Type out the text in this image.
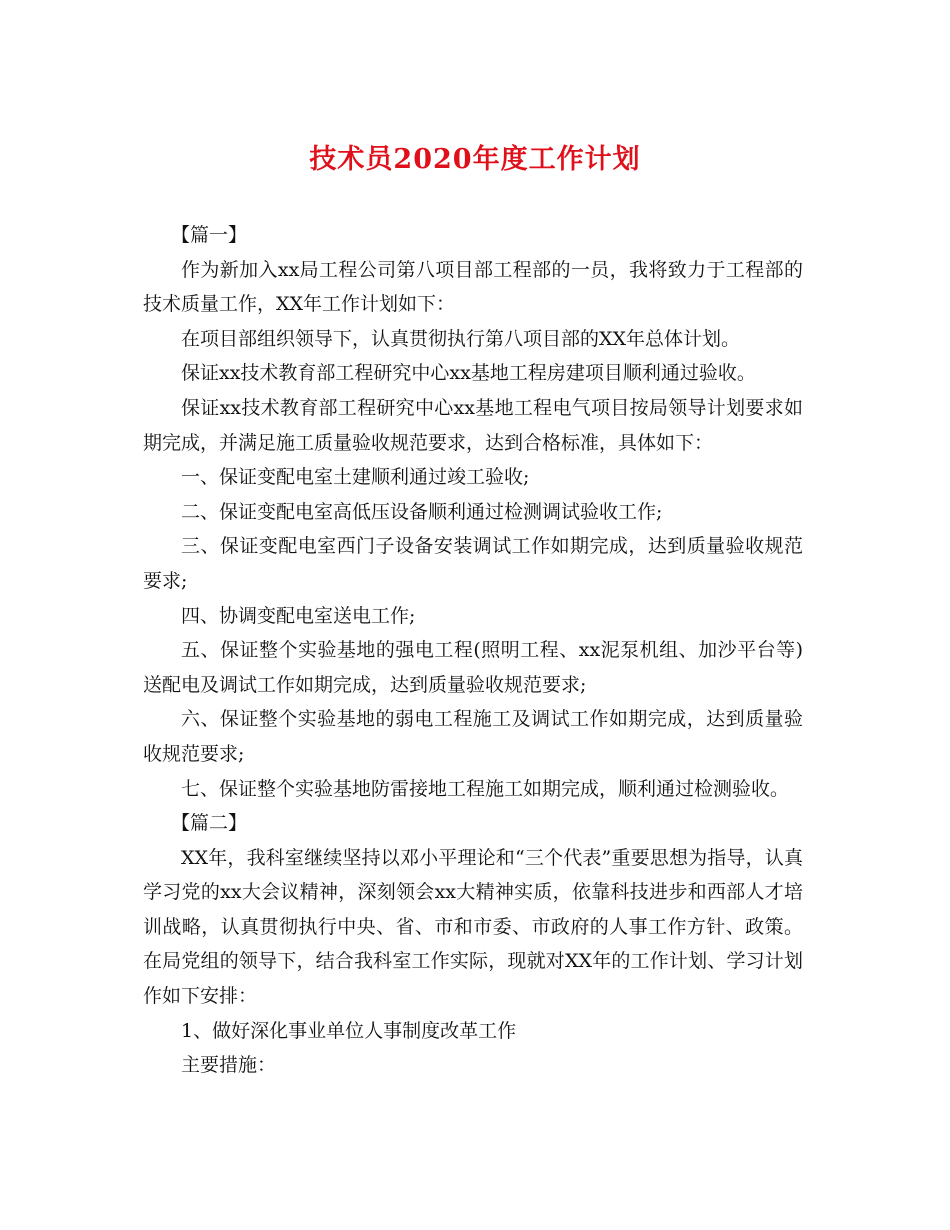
技术员2020年度工作计划

【篇一】

作为新加入xx局工程公司第八项目部工程部的一员，我将致力于工程部的技术质量工作，XX年工作计划如下：

在项目部组织领导下，认真贯彻执行第八项目部的XX年总体计划。

保证xx技术教育部工程研究中心xx基地工程房建项目顺利通过验收。

保证xx技术教育部工程研究中心xx基地工程电气项目按局领导计划要求如期完成，并满足施工质量验收规范要求，达到合格标准，具体如下：

一、保证变配电室土建顺利通过竣工验收;

二、保证变配电室高低压设备顺利通过检测调试验收工作;

三、保证变配电室西门子设备安装调试工作如期完成，达到质量验收规范要求;

四、协调变配电室送电工作;

五、保证整个实验基地的强电工程(照明工程、xx泥泵机组、加沙平台等)送配电及调试工作如期完成，达到质量验收规范要求;

六、保证整个实验基地的弱电工程施工及调试工作如期完成，达到质量验收规范要求;

七、保证整个实验基地防雷接地工程施工如期完成，顺利通过检测验收。

【篇二】

XX年，我科室继续坚持以邓小平理论和“三个代表”重要思想为指导，认真学习党的xx大会议精神，深刻领会xx大精神实质，依靠科技进步和西部人才培训战略，认真贯彻执行中央、省、市和市委、市政府的人事工作方针、政策。在局党组的领导下，结合我科室工作实际，现就对XX年的工作计划、学习计划作如下安排：

1、做好深化事业单位人事制度改革工作

主要措施：
